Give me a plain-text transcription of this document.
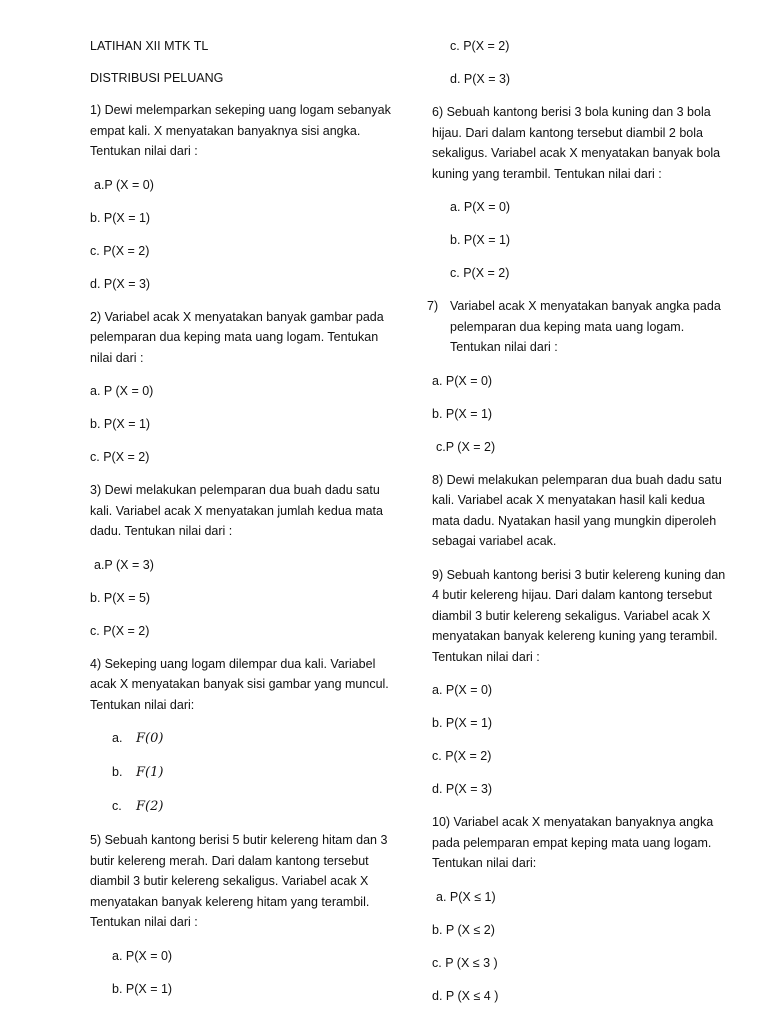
LATIHAN XII MTK TL

DISTRIBUSI PELUANG

1) Dewi melemparkan sekeping uang logam sebanyak empat kali. X menyatakan banyaknya sisi angka. Tentukan nilai dari :

a.P (X = 0)

b. P(X = 1)

c. P(X = 2)

d. P(X = 3)

2) Variabel acak X menyatakan banyak gambar pada pelemparan dua keping mata uang logam. Tentukan nilai dari :

a. P (X = 0)

b. P(X = 1)

c. P(X = 2)

3) Dewi melakukan pelemparan dua buah dadu satu kali. Variabel acak X menyatakan jumlah kedua mata dadu. Tentukan nilai dari :

a.P (X = 3)

b. P(X = 5)

c. P(X = 2)

4) Sekeping uang logam dilempar dua kali. Variabel acak X menyatakan banyak sisi gambar yang muncul. Tentukan nilai dari:

a. F(0)

b. F(1)

c. F(2)

5) Sebuah kantong berisi 5 butir kelereng hitam dan 3 butir kelereng merah. Dari dalam kantong tersebut diambil 3 butir kelereng sekaligus. Variabel acak X menyatakan banyak kelereng hitam yang terambil. Tentukan nilai dari :

a. P(X = 0)

b. P(X = 1)

c. P(X = 2)

d. P(X = 3)

6) Sebuah kantong berisi 3 bola kuning dan 3 bola hijau. Dari dalam kantong tersebut diambil 2 bola sekaligus. Variabel acak X menyatakan banyak bola kuning yang terambil. Tentukan nilai dari :

a. P(X = 0)

b. P(X = 1)

c. P(X = 2)

7) Variabel acak X menyatakan banyak angka pada pelemparan dua keping mata uang logam. Tentukan nilai dari :

a. P(X = 0)

b. P(X = 1)

c.P (X = 2)

8) Dewi melakukan pelemparan dua buah dadu satu kali. Variabel acak X menyatakan hasil kali kedua mata dadu. Nyatakan hasil yang mungkin diperoleh sebagai variabel acak.

9) Sebuah kantong berisi 3 butir kelereng kuning dan 4 butir kelereng hijau. Dari dalam kantong tersebut diambil 3 butir kelereng sekaligus. Variabel acak X menyatakan banyak kelereng kuning yang terambil. Tentukan nilai dari :

a. P(X = 0)

b. P(X = 1)

c. P(X = 2)

d. P(X = 3)

10) Variabel acak X menyatakan banyaknya angka pada pelemparan empat keping mata uang logam. Tentukan nilai dari:

a. P(X ≤ 1)

b. P (X ≤ 2)

c. P (X ≤ 3 )

d. P (X ≤ 4 )
